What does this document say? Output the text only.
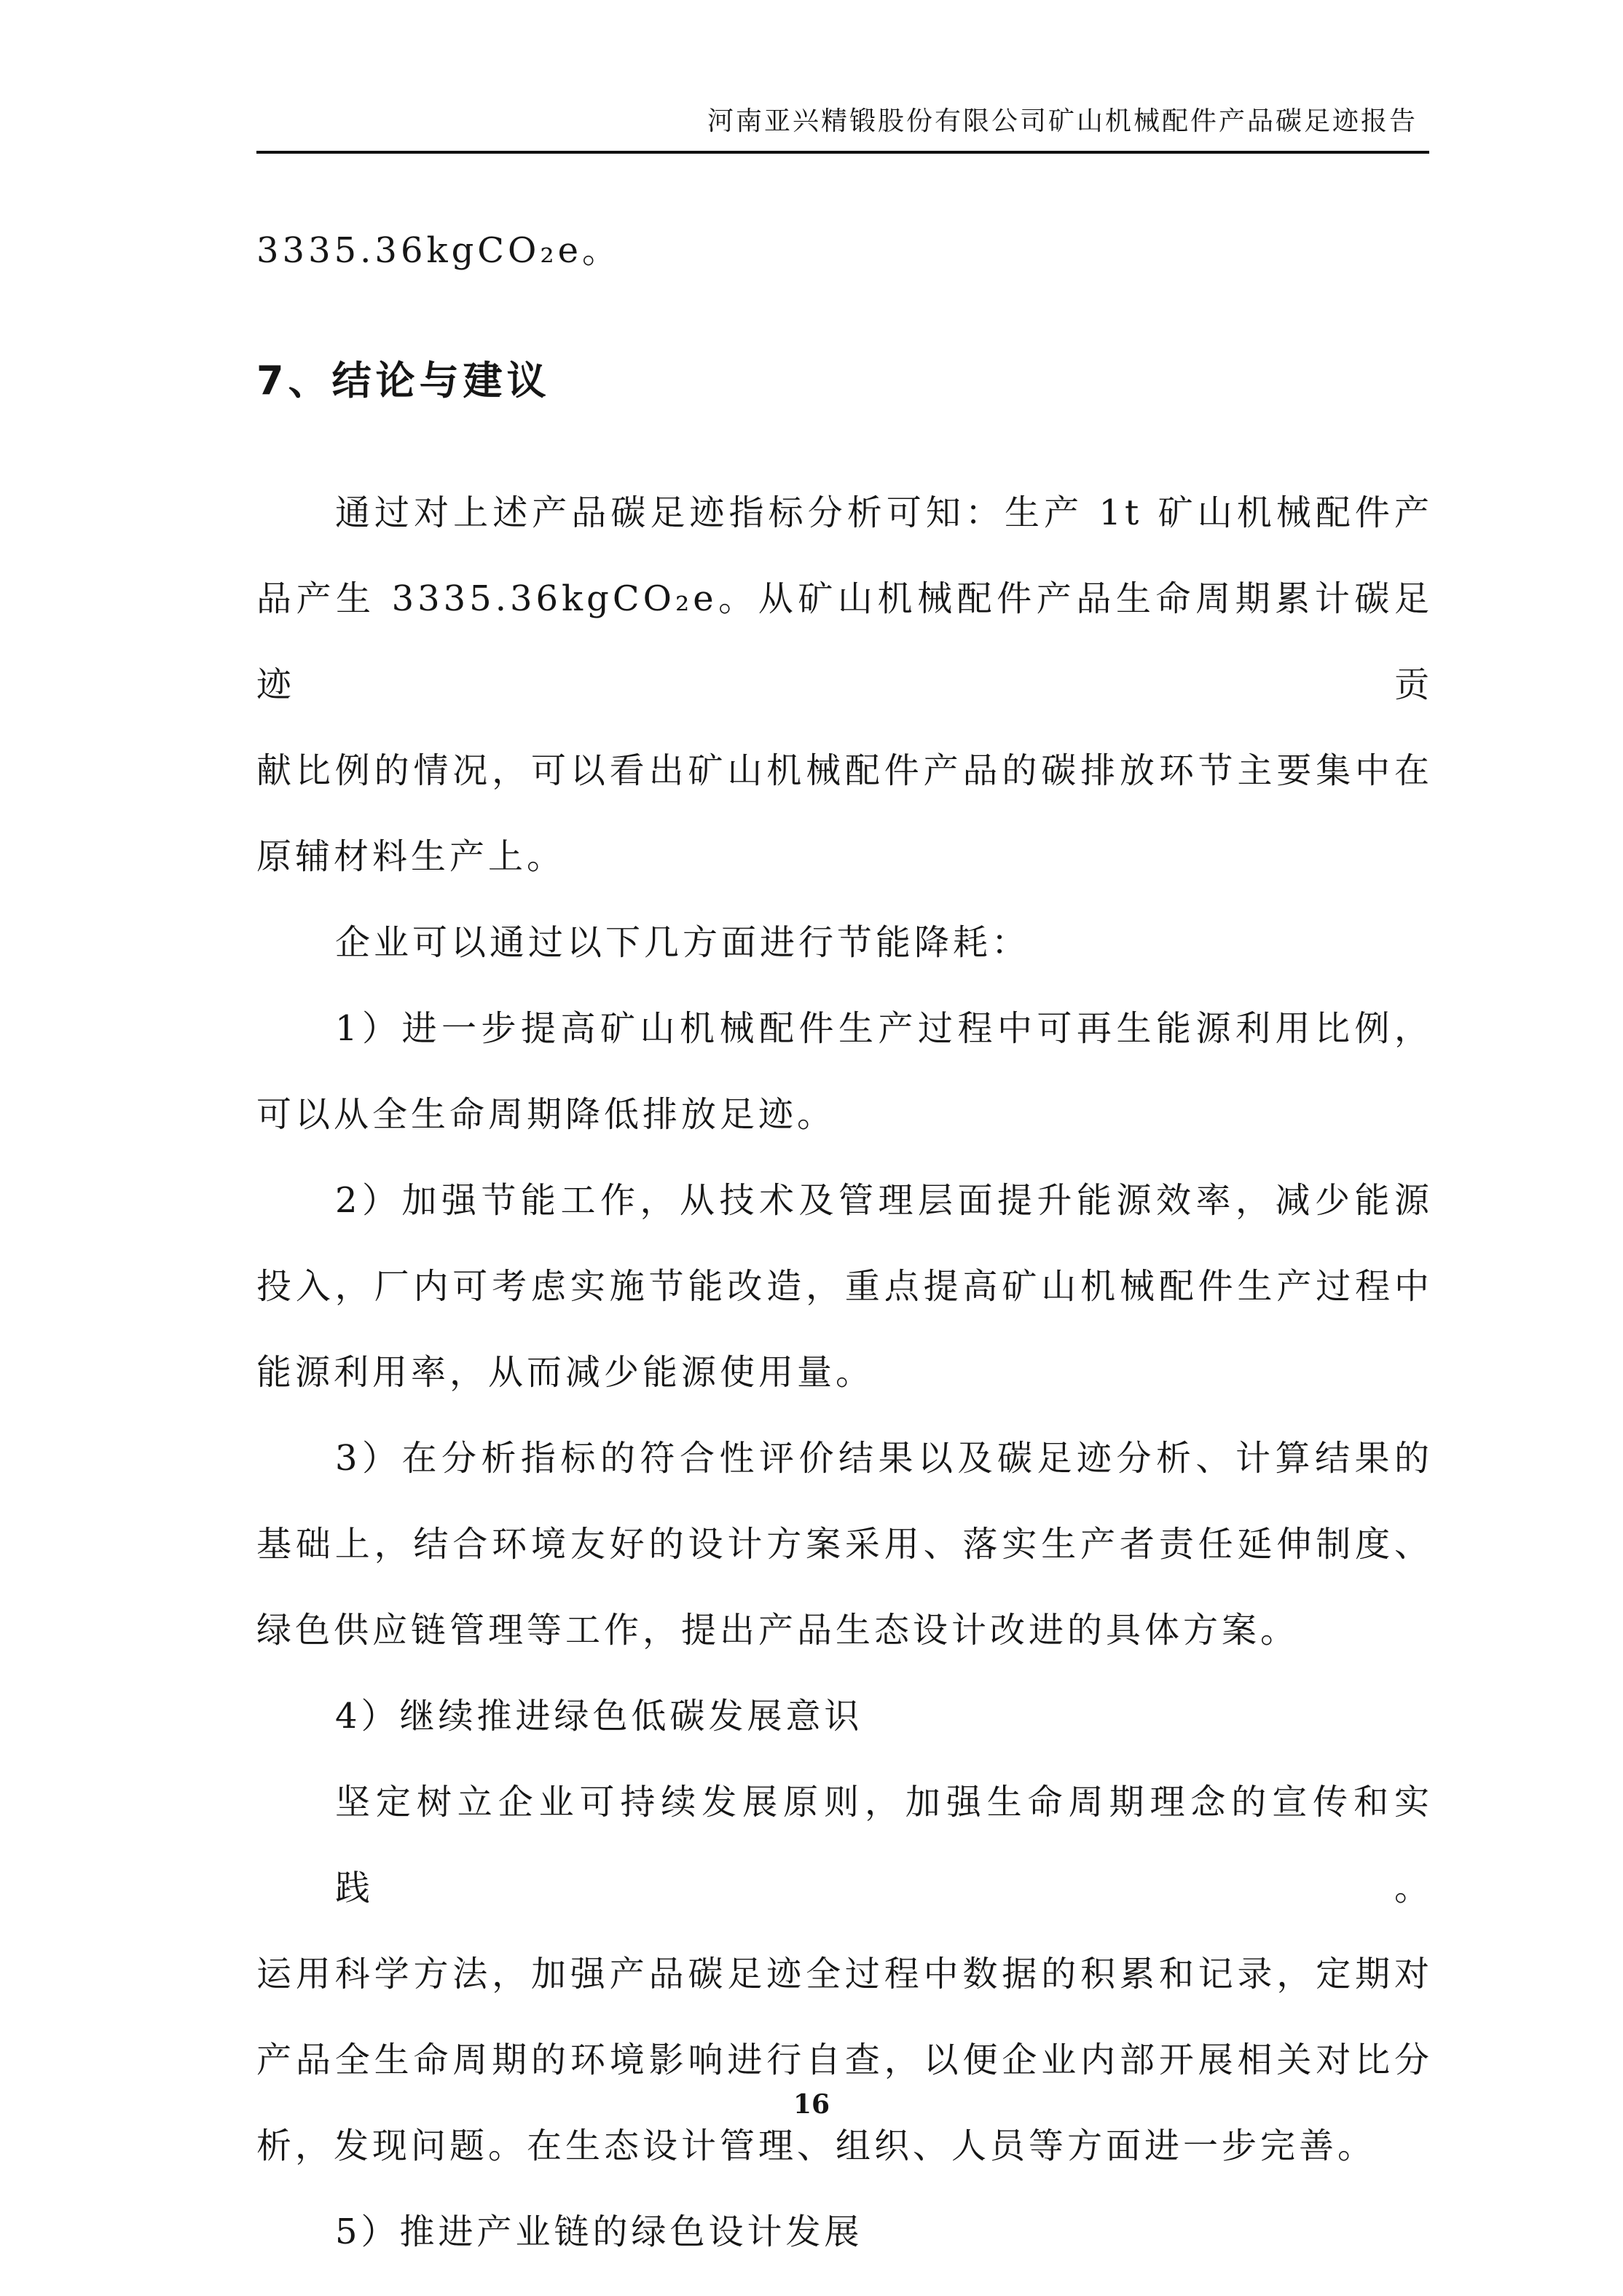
河南亚兴精锻股份有限公司矿山机械配件产品碳足迹报告

3335.36kgCO₂e。

7、结论与建议

通过对上述产品碳足迹指标分析可知：生产 1t 矿山机械配件产

品产生 3335.36kgCO₂e。从矿山机械配件产品生命周期累计碳足迹贡

献比例的情况，可以看出矿山机械配件产品的碳排放环节主要集中在

原辅材料生产上。

企业可以通过以下几方面进行节能降耗：

1）进一步提高矿山机械配件生产过程中可再生能源利用比例，

可以从全生命周期降低排放足迹。

2）加强节能工作，从技术及管理层面提升能源效率，减少能源

投入，厂内可考虑实施节能改造，重点提高矿山机械配件生产过程中

能源利用率，从而减少能源使用量。

3）在分析指标的符合性评价结果以及碳足迹分析、计算结果的

基础上，结合环境友好的设计方案采用、落实生产者责任延伸制度、

绿色供应链管理等工作，提出产品生态设计改进的具体方案。

4）继续推进绿色低碳发展意识

坚定树立企业可持续发展原则，加强生命周期理念的宣传和实践。

运用科学方法，加强产品碳足迹全过程中数据的积累和记录，定期对

产品全生命周期的环境影响进行自查，以便企业内部开展相关对比分

析，发现问题。在生态设计管理、组织、人员等方面进一步完善。

5）推进产业链的绿色设计发展

16
